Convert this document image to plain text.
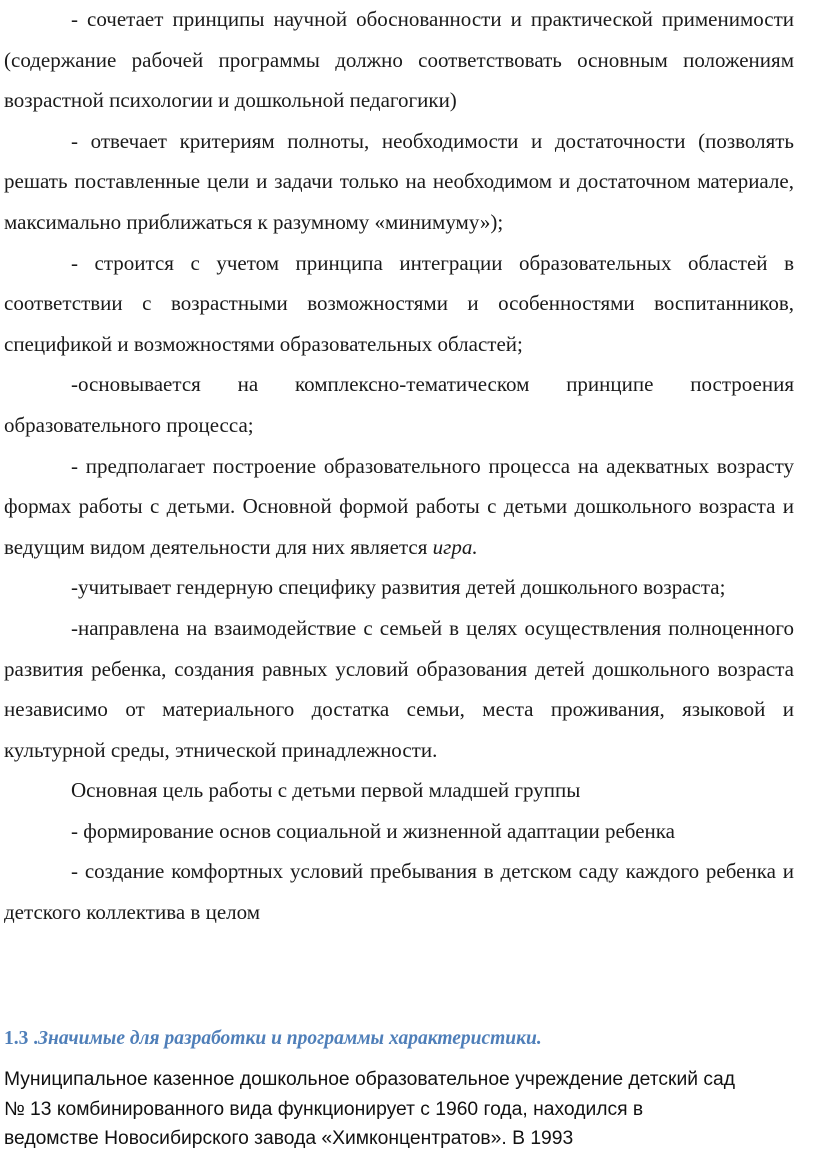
- сочетает принципы научной обоснованности и практической применимости (содержание рабочей программы должно соответствовать основным положениям возрастной психологии и дошкольной педагогики)

- отвечает критериям полноты, необходимости и достаточности (позволять решать поставленные цели и задачи только на необходимом и достаточном материале, максимально приближаться к разумному «минимуму»);

- строится с учетом принципа интеграции образовательных областей в соответствии с возрастными возможностями и особенностями воспитанников, спецификой и возможностями образовательных областей;

-основывается на комплексно-тематическом принципе построения образовательного процесса;

- предполагает построение образовательного процесса на адекватных возрасту формах работы с детьми. Основной формой работы с детьми дошкольного возраста и ведущим видом деятельности для них является игра.

-учитывает гендерную специфику развития детей дошкольного возраста;

-направлена на взаимодействие с семьей в целях осуществления полноценного развития ребенка, создания равных условий образования детей дошкольного возраста независимо от материального достатка семьи, места проживания, языковой и культурной среды, этнической принадлежности.

Основная цель работы с детьми первой младшей группы

- формирование основ социальной и жизненной адаптации ребенка

- создание комфортных условий пребывания в детском саду каждого ребенка и детского коллектива в целом

1.3 .Значимые для разработки и программы характеристики.
Муниципальное казенное дошкольное образовательное учреждение детский сад
№ 13 комбинированного вида функционирует с 1960 года, находился в
ведомстве Новосибирского завода «Химконцентратов». В 1993
